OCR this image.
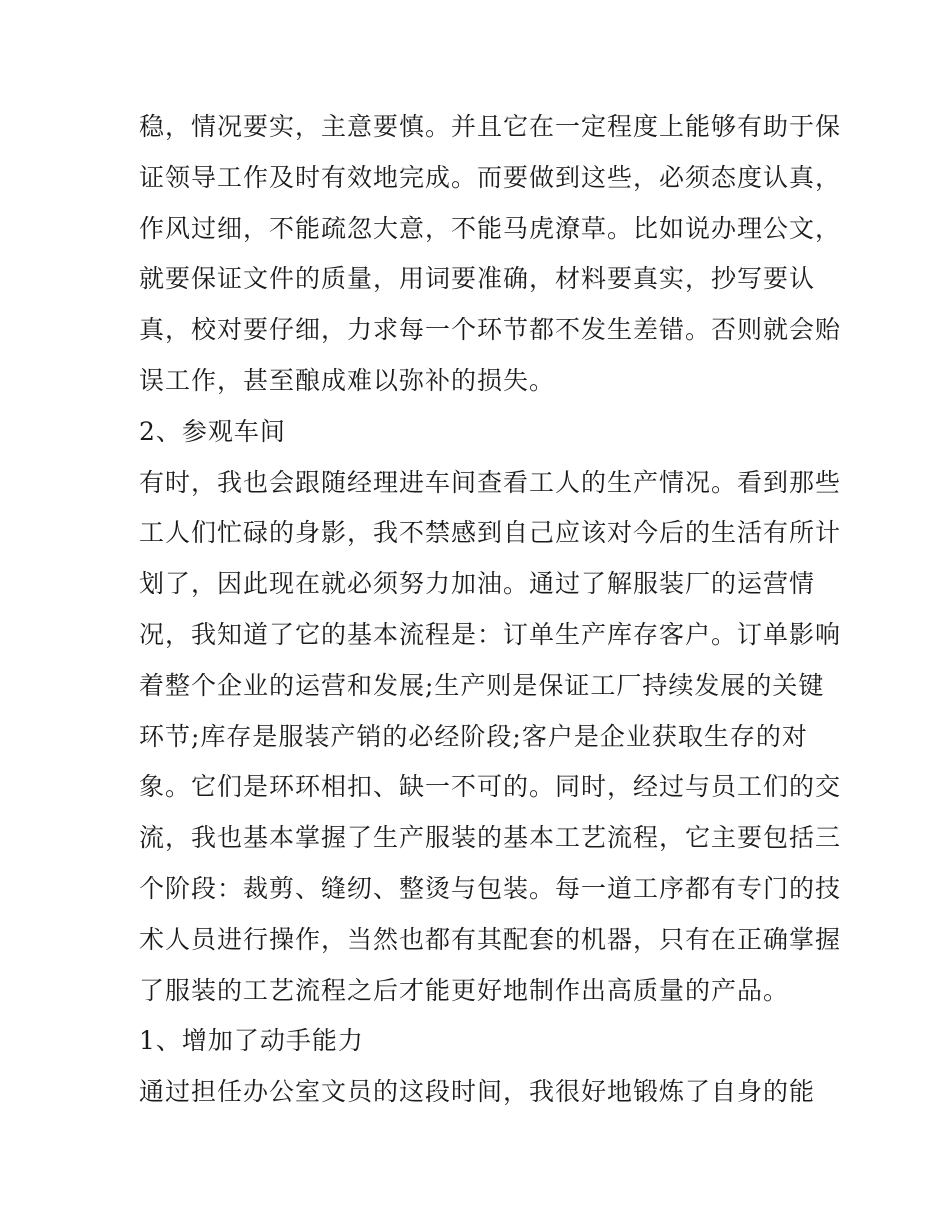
稳，情况要实，主意要慎。并且它在一定程度上能够有助于保
证领导工作及时有效地完成。而要做到这些，必须态度认真，
作风过细，不能疏忽大意，不能马虎潦草。比如说办理公文，
就要保证文件的质量，用词要准确，材料要真实，抄写要认
真，校对要仔细，力求每一个环节都不发生差错。否则就会贻
误工作，甚至酿成难以弥补的损失。
2、参观车间
有时，我也会跟随经理进车间查看工人的生产情况。看到那些
工人们忙碌的身影，我不禁感到自己应该对今后的生活有所计
划了，因此现在就必须努力加油。通过了解服装厂的运营情
况，我知道了它的基本流程是：订单生产库存客户。订单影响
着整个企业的运营和发展;生产则是保证工厂持续发展的关键
环节;库存是服装产销的必经阶段;客户是企业获取生存的对
象。它们是环环相扣、缺一不可的。同时，经过与员工们的交
流，我也基本掌握了生产服装的基本工艺流程，它主要包括三
个阶段：裁剪、缝纫、整烫与包装。每一道工序都有专门的技
术人员进行操作，当然也都有其配套的机器，只有在正确掌握
了服装的工艺流程之后才能更好地制作出高质量的产品。
1、增加了动手能力
通过担任办公室文员的这段时间，我很好地锻炼了自身的能
